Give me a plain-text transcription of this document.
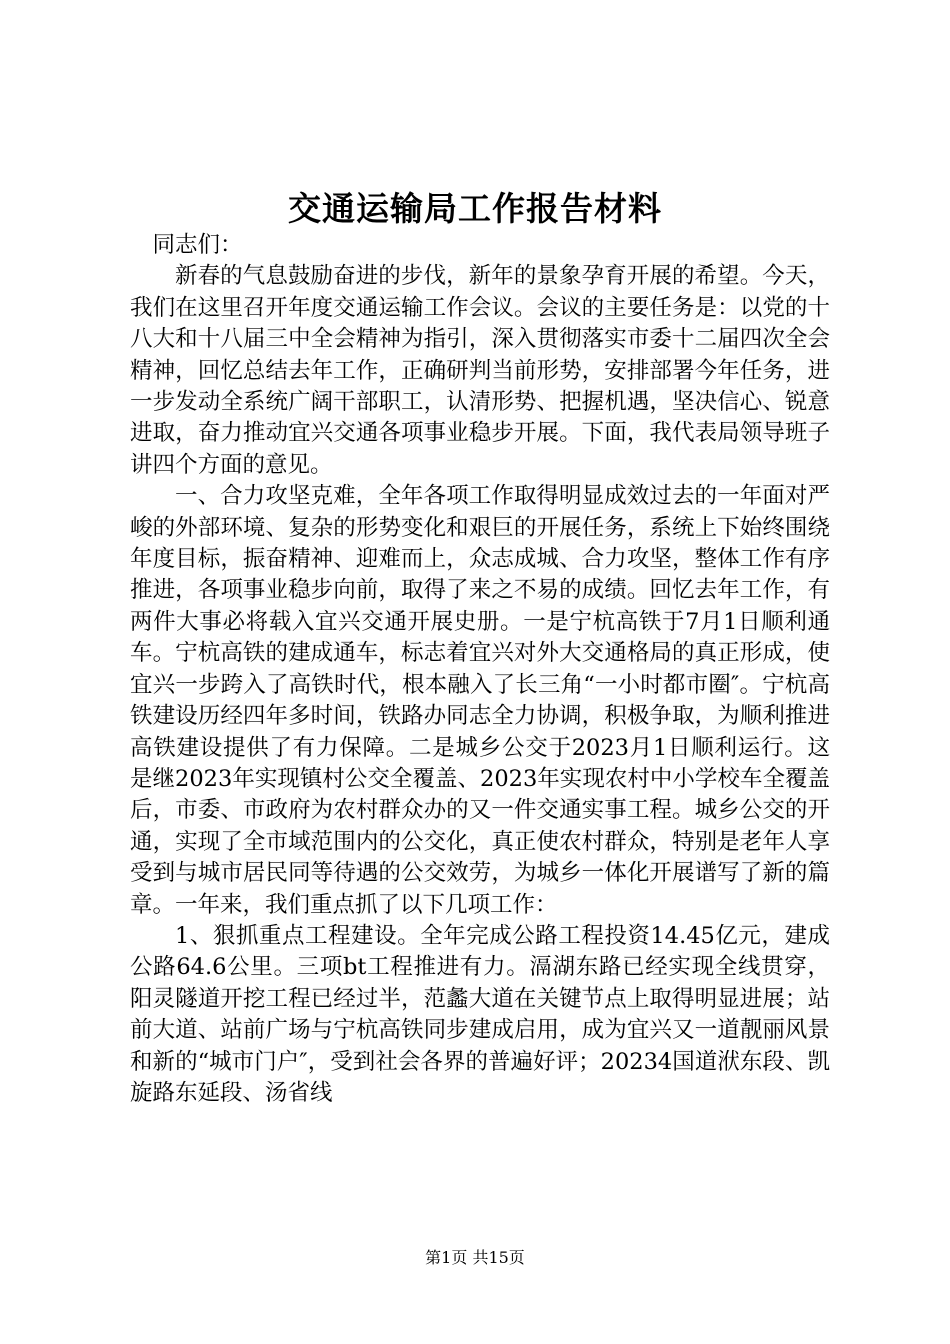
交通运输局工作报告材料

同志们：

新春的气息鼓励奋进的步伐，新年的景象孕育开展的希望。今天，我们在这里召开年度交通运输工作会议。会议的主要任务是：以党的十八大和十八届三中全会精神为指引，深入贯彻落实市委十二届四次全会精神，回忆总结去年工作，正确研判当前形势，安排部署今年任务，进一步发动全系统广阔干部职工，认清形势、把握机遇，坚决信心、锐意进取，奋力推动宜兴交通各项事业稳步开展。下面，我代表局领导班子讲四个方面的意见。

一、合力攻坚克难，全年各项工作取得明显成效过去的一年面对严峻的外部环境、复杂的形势变化和艰巨的开展任务，系统上下始终围绕年度目标，振奋精神、迎难而上，众志成城、合力攻坚，整体工作有序推进，各项事业稳步向前，取得了来之不易的成绩。回忆去年工作，有两件大事必将载入宜兴交通开展史册。一是宁杭高铁于7月1日顺利通车。宁杭高铁的建成通车，标志着宜兴对外大交通格局的真正形成，使宜兴一步跨入了高铁时代，根本融入了长三角“一小时都市圈″。宁杭高铁建设历经四年多时间，铁路办同志全力协调，积极争取，为顺利推进高铁建设提供了有力保障。二是城乡公交于2023月1日顺利运行。这是继2023年实现镇村公交全覆盖、2023年实现农村中小学校车全覆盖后，市委、市政府为农村群众办的又一件交通实事工程。城乡公交的开通，实现了全市域范围内的公交化，真正使农村群众，特别是老年人享受到与城市居民同等待遇的公交效劳，为城乡一体化开展谱写了新的篇章。一年来，我们重点抓了以下几项工作：

1、狠抓重点工程建设。全年完成公路工程投资14.45亿元，建成公路64.6公里。三项bt工程推进有力。滆湖东路已经实现全线贯穿，阳灵隧道开挖工程已经过半，范蠡大道在关键节点上取得明显进展；站前大道、站前广场与宁杭高铁同步建成启用，成为宜兴又一道靓丽风景和新的“城市门户″，受到社会各界的普遍好评；20234国道洑东段、凯旋路东延段、汤省线

第1页 共15页
